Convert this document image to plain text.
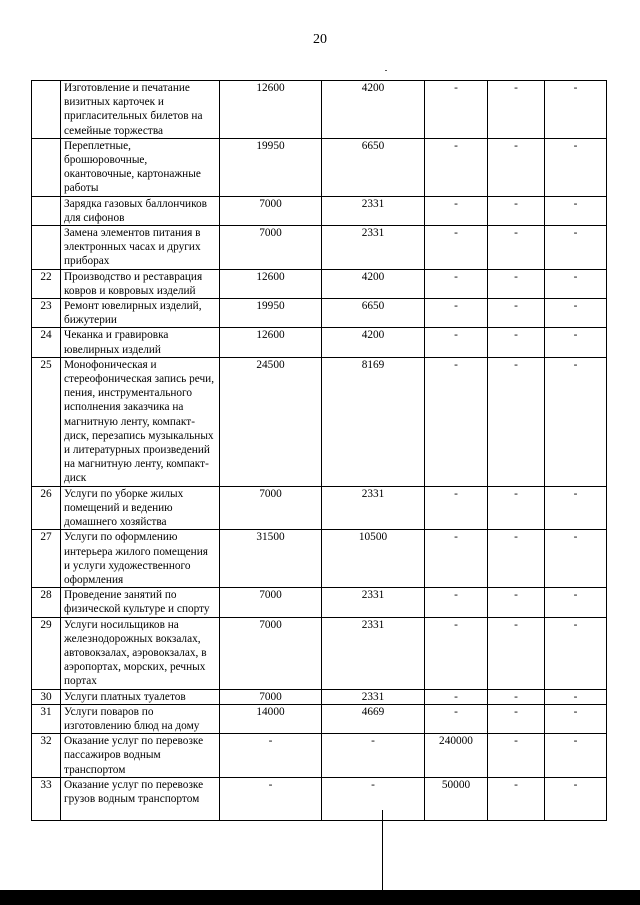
20
	Изготовление и печатание визитных карточек и пригласительных билетов на семейные торжества	12600	4200	-	-	-
	Переплетные, брошюровочные, окантовочные, картонажные работы	19950	6650	-	-	-
	Зарядка газовых баллончиков для сифонов	7000	2331	-	-	-
	Замена элементов питания в электронных часах и других приборах	7000	2331	-	-	-
22	Производство и реставрация ковров и ковровых изделий	12600	4200	-	-	-
23	Ремонт ювелирных изделий, бижутерии	19950	6650	-	-	-
24	Чеканка и гравировка ювелирных изделий	12600	4200	-	-	-
25	Монофоническая и стереофоническая запись речи, пения, инструментального исполнения заказчика на магнитную ленту, компакт-диск, перезапись музыкальных и литературных произведений на магнитную ленту, компакт-диск	24500	8169	-	-	-
26	Услуги по уборке жилых помещений и ведению домашнего хозяйства	7000	2331	-	-	-
27	Услуги по оформлению интерьера жилого помещения и услуги художественного оформления	31500	10500	-	-	-
28	Проведение занятий по физической культуре и спорту	7000	2331	-	-	-
29	Услуги носильщиков на железнодорожных вокзалах, автовокзалах, аэровокзалах, в аэропортах, морских, речных портах	7000	2331	-	-	-
30	Услуги платных туалетов	7000	2331	-	-	-
31	Услуги поваров по изготовлению блюд на дому	14000	4669	-	-	-
32	Оказание услуг по перевозке пассажиров водным транспортом	-	-	240000	-	-
33	Оказание услуг по перевозке грузов водным транспортом	-	-	50000	-	-
